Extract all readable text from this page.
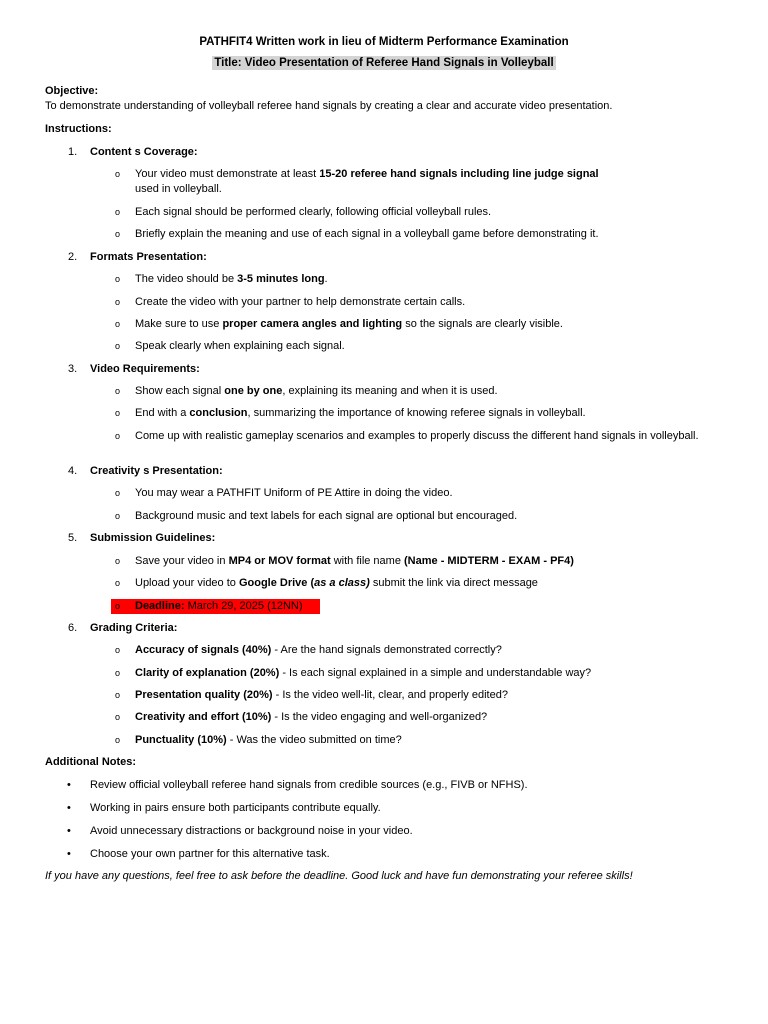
PATHFIT4 Written work in lieu of Midterm Performance Examination
Title: Video Presentation of Referee Hand Signals in Volleyball
Objective:
To demonstrate understanding of volleyball referee hand signals by creating a clear and accurate video presentation.
Instructions:
1. Content s Coverage:
o Your video must demonstrate at least 15-20 referee hand signals including line judge signal
used in volleyball.
o Each signal should be performed clearly, following official volleyball rules.
o Briefly explain the meaning and use of each signal in a volleyball game before demonstrating it.
2. Formats Presentation:
o The video should be 3-5 minutes long.
o Create the video with your partner to help demonstrate certain calls.
o Make sure to use proper camera angles and lighting so the signals are clearly visible.
o Speak clearly when explaining each signal.
3. Video Requirements:
o Show each signal one by one, explaining its meaning and when it is used.
o End with a conclusion, summarizing the importance of knowing referee signals in volleyball.
o Come up with realistic gameplay scenarios and examples to properly discuss the different hand signals in volleyball.
4. Creativity s Presentation:
o You may wear a PATHFIT Uniform of PE Attire in doing the video.
o Background music and text labels for each signal are optional but encouraged.
5. Submission Guidelines:
o Save your video in MP4 or MOV format with file name (Name - MIDTERM - EXAM - PF4)
o Upload your video to Google Drive (as a class) submit the link via direct message
o Deadline: March 29, 2025 (12NN)
6. Grading Criteria:
o Accuracy of signals (40%) - Are the hand signals demonstrated correctly?
o Clarity of explanation (20%) - Is each signal explained in a simple and understandable way?
o Presentation quality (20%) - Is the video well-lit, clear, and properly edited?
o Creativity and effort (10%) - Is the video engaging and well-organized?
o Punctuality (10%) - Was the video submitted on time?
Additional Notes:
• Review official volleyball referee hand signals from credible sources (e.g., FIVB or NFHS).
• Working in pairs ensure both participants contribute equally.
• Avoid unnecessary distractions or background noise in your video.
• Choose your own partner for this alternative task.
If you have any questions, feel free to ask before the deadline. Good luck and have fun demonstrating your referee skills!
